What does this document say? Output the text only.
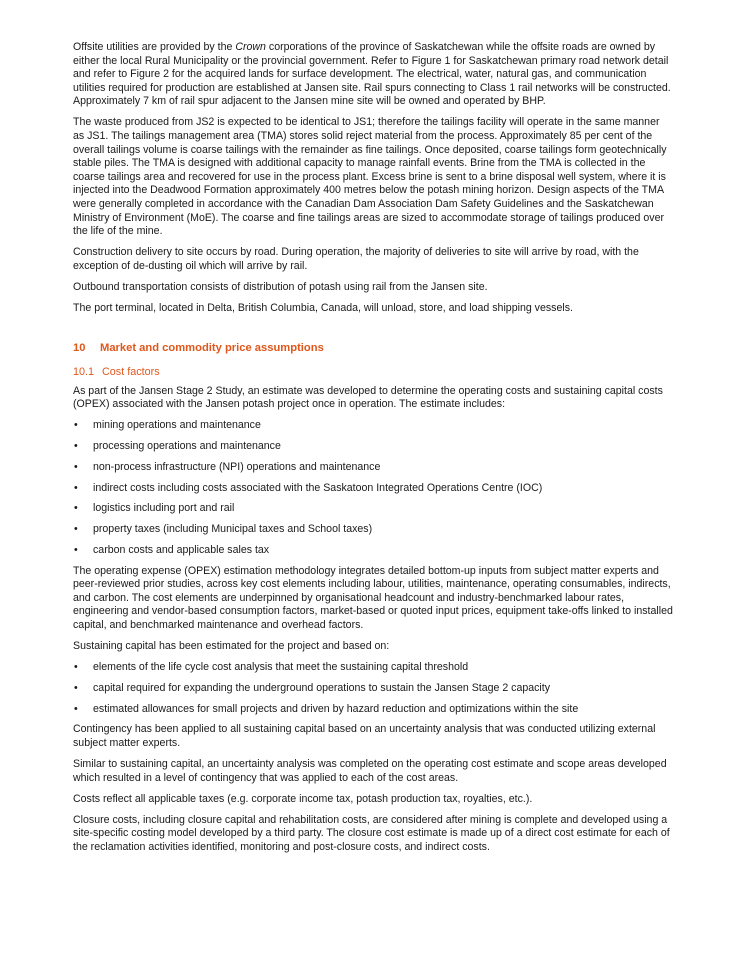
Offsite utilities are provided by the Crown corporations of the province of Saskatchewan while the offsite roads are owned by either the local Rural Municipality or the provincial government. Refer to Figure 1 for Saskatchewan primary road network detail and refer to Figure 2 for the acquired lands for surface development. The electrical, water, natural gas, and communication utilities required for production are established at Jansen site. Rail spurs connecting to Class 1 rail networks will be constructed. Approximately 7 km of rail spur adjacent to the Jansen mine site will be owned and operated by BHP.

The waste produced from JS2 is expected to be identical to JS1; therefore the tailings facility will operate in the same manner as JS1. The tailings management area (TMA) stores solid reject material from the process. Approximately 85 per cent of the overall tailings volume is coarse tailings with the remainder as fine tailings. Once deposited, coarse tailings form geotechnically stable piles. The TMA is designed with additional capacity to manage rainfall events. Brine from the TMA is collected in the coarse tailings area and recovered for use in the process plant. Excess brine is sent to a brine disposal well system, where it is injected into the Deadwood Formation approximately 400 metres below the potash mining horizon. Design aspects of the TMA were generally completed in accordance with the Canadian Dam Association Dam Safety Guidelines and the Saskatchewan Ministry of Environment (MoE). The coarse and fine tailings areas are sized to accommodate storage of tailings produced over the life of the mine.

Construction delivery to site occurs by road. During operation, the majority of deliveries to site will arrive by road, with the exception of de-dusting oil which will arrive by rail.

Outbound transportation consists of distribution of potash using rail from the Jansen site.

The port terminal, located in Delta, British Columbia, Canada, will unload, store, and load shipping vessels.

10 Market and commodity price assumptions
10.1 Cost factors

As part of the Jansen Stage 2 Study, an estimate was developed to determine the operating costs and sustaining capital costs (OPEX) associated with the Jansen potash project once in operation. The estimate includes:

• mining operations and maintenance
• processing operations and maintenance
• non-process infrastructure (NPI) operations and maintenance
• indirect costs including costs associated with the Saskatoon Integrated Operations Centre (IOC)
• logistics including port and rail
• property taxes (including Municipal taxes and School taxes)
• carbon costs and applicable sales tax

The operating expense (OPEX) estimation methodology integrates detailed bottom-up inputs from subject matter experts and peer-reviewed prior studies, across key cost elements including labour, utilities, maintenance, operating consumables, indirects, and carbon. The cost elements are underpinned by organisational headcount and industry-benchmarked labour rates, engineering and vendor-based consumption factors, market-based or quoted input prices, equipment take-offs linked to installed capital, and benchmarked maintenance and overhead factors.

Sustaining capital has been estimated for the project and based on:

• elements of the life cycle cost analysis that meet the sustaining capital threshold
• capital required for expanding the underground operations to sustain the Jansen Stage 2 capacity
• estimated allowances for small projects and driven by hazard reduction and optimizations within the site

Contingency has been applied to all sustaining capital based on an uncertainty analysis that was conducted utilizing external subject matter experts.

Similar to sustaining capital, an uncertainty analysis was completed on the operating cost estimate and scope areas developed which resulted in a level of contingency that was applied to each of the cost areas.

Costs reflect all applicable taxes (e.g. corporate income tax, potash production tax, royalties, etc.).

Closure costs, including closure capital and rehabilitation costs, are considered after mining is complete and developed using a site-specific costing model developed by a third party. The closure cost estimate is made up of a direct cost estimate for each of the reclamation activities identified, monitoring and post-closure costs, and indirect costs.
